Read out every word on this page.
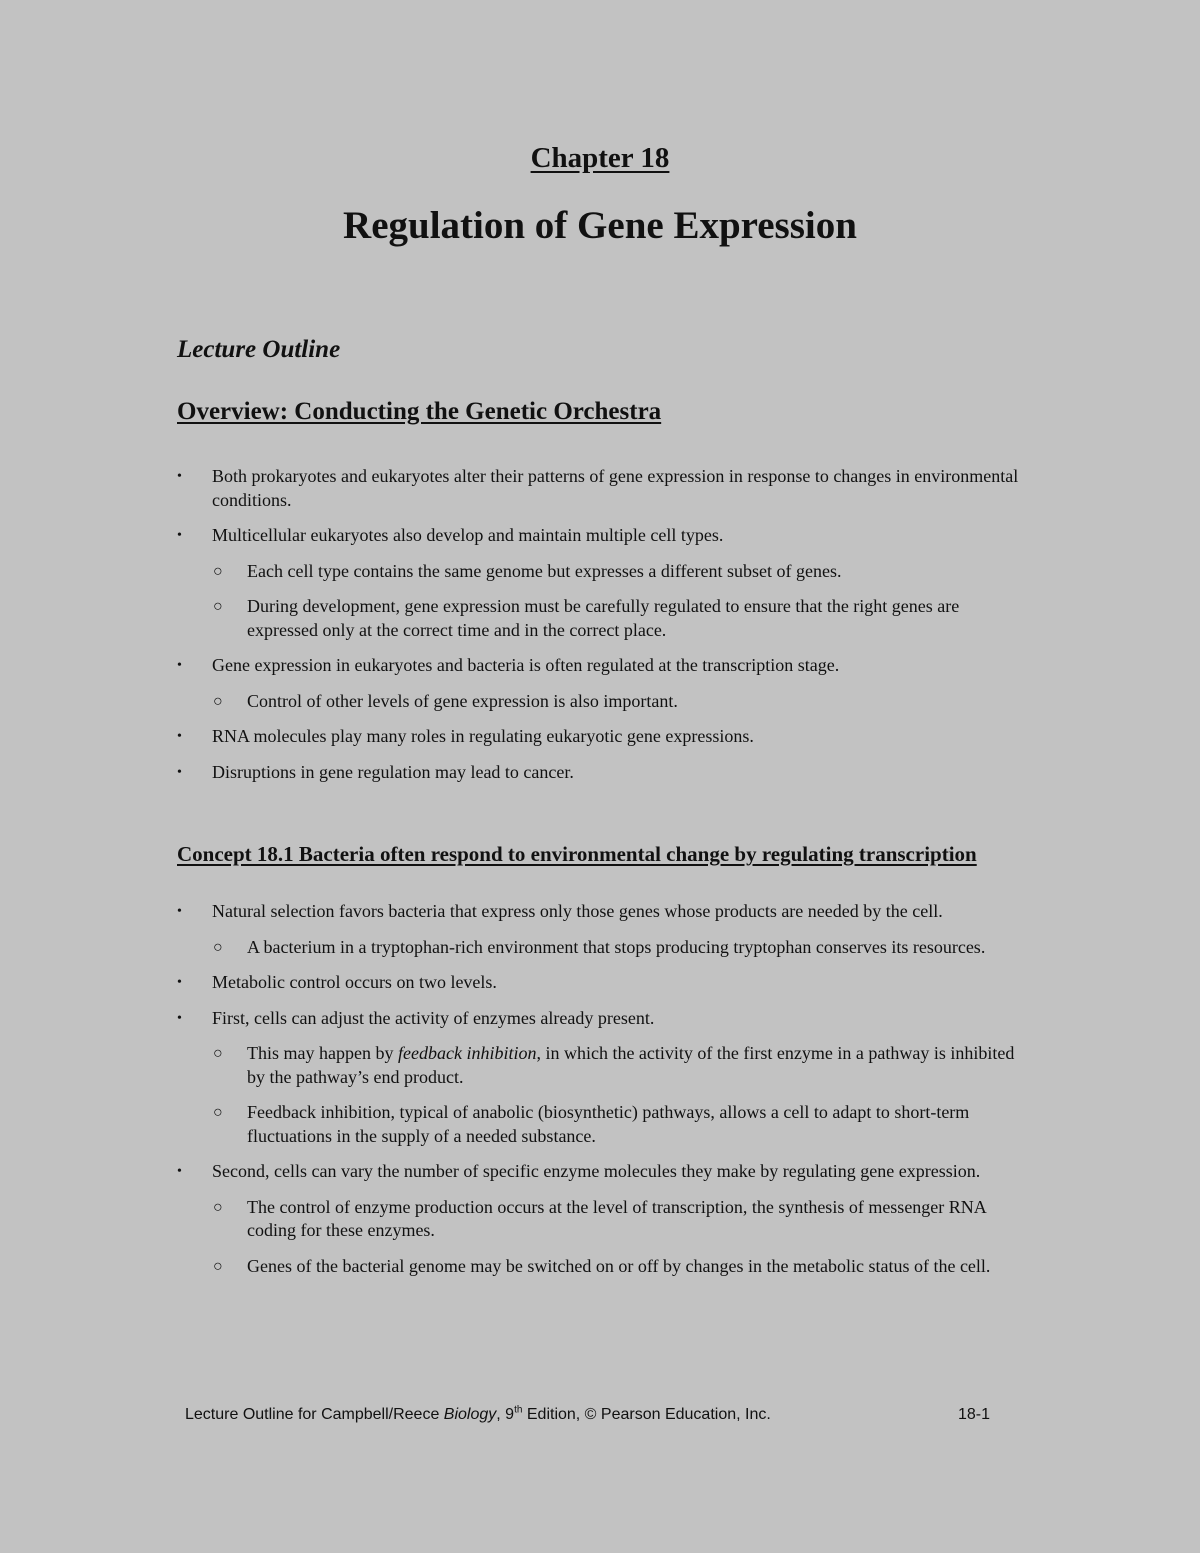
Chapter 18
Regulation of Gene Expression
Lecture Outline
Overview: Conducting the Genetic Orchestra
• Both prokaryotes and eukaryotes alter their patterns of gene expression in response to changes in environmental conditions.
• Multicellular eukaryotes also develop and maintain multiple cell types.
○ Each cell type contains the same genome but expresses a different subset of genes.
○ During development, gene expression must be carefully regulated to ensure that the right genes are expressed only at the correct time and in the correct place.
• Gene expression in eukaryotes and bacteria is often regulated at the transcription stage.
○ Control of other levels of gene expression is also important.
• RNA molecules play many roles in regulating eukaryotic gene expressions.
• Disruptions in gene regulation may lead to cancer.
Concept 18.1 Bacteria often respond to environmental change by regulating transcription
• Natural selection favors bacteria that express only those genes whose products are needed by the cell.
○ A bacterium in a tryptophan-rich environment that stops producing tryptophan conserves its resources.
• Metabolic control occurs on two levels.
• First, cells can adjust the activity of enzymes already present.
○ This may happen by feedback inhibition, in which the activity of the first enzyme in a pathway is inhibited by the pathway’s end product.
○ Feedback inhibition, typical of anabolic (biosynthetic) pathways, allows a cell to adapt to short-term fluctuations in the supply of a needed substance.
• Second, cells can vary the number of specific enzyme molecules they make by regulating gene expression.
○ The control of enzyme production occurs at the level of transcription, the synthesis of messenger RNA coding for these enzymes.
○ Genes of the bacterial genome may be switched on or off by changes in the metabolic status of the cell.
Lecture Outline for Campbell/Reece Biology, 9th Edition, © Pearson Education, Inc.	18-1
